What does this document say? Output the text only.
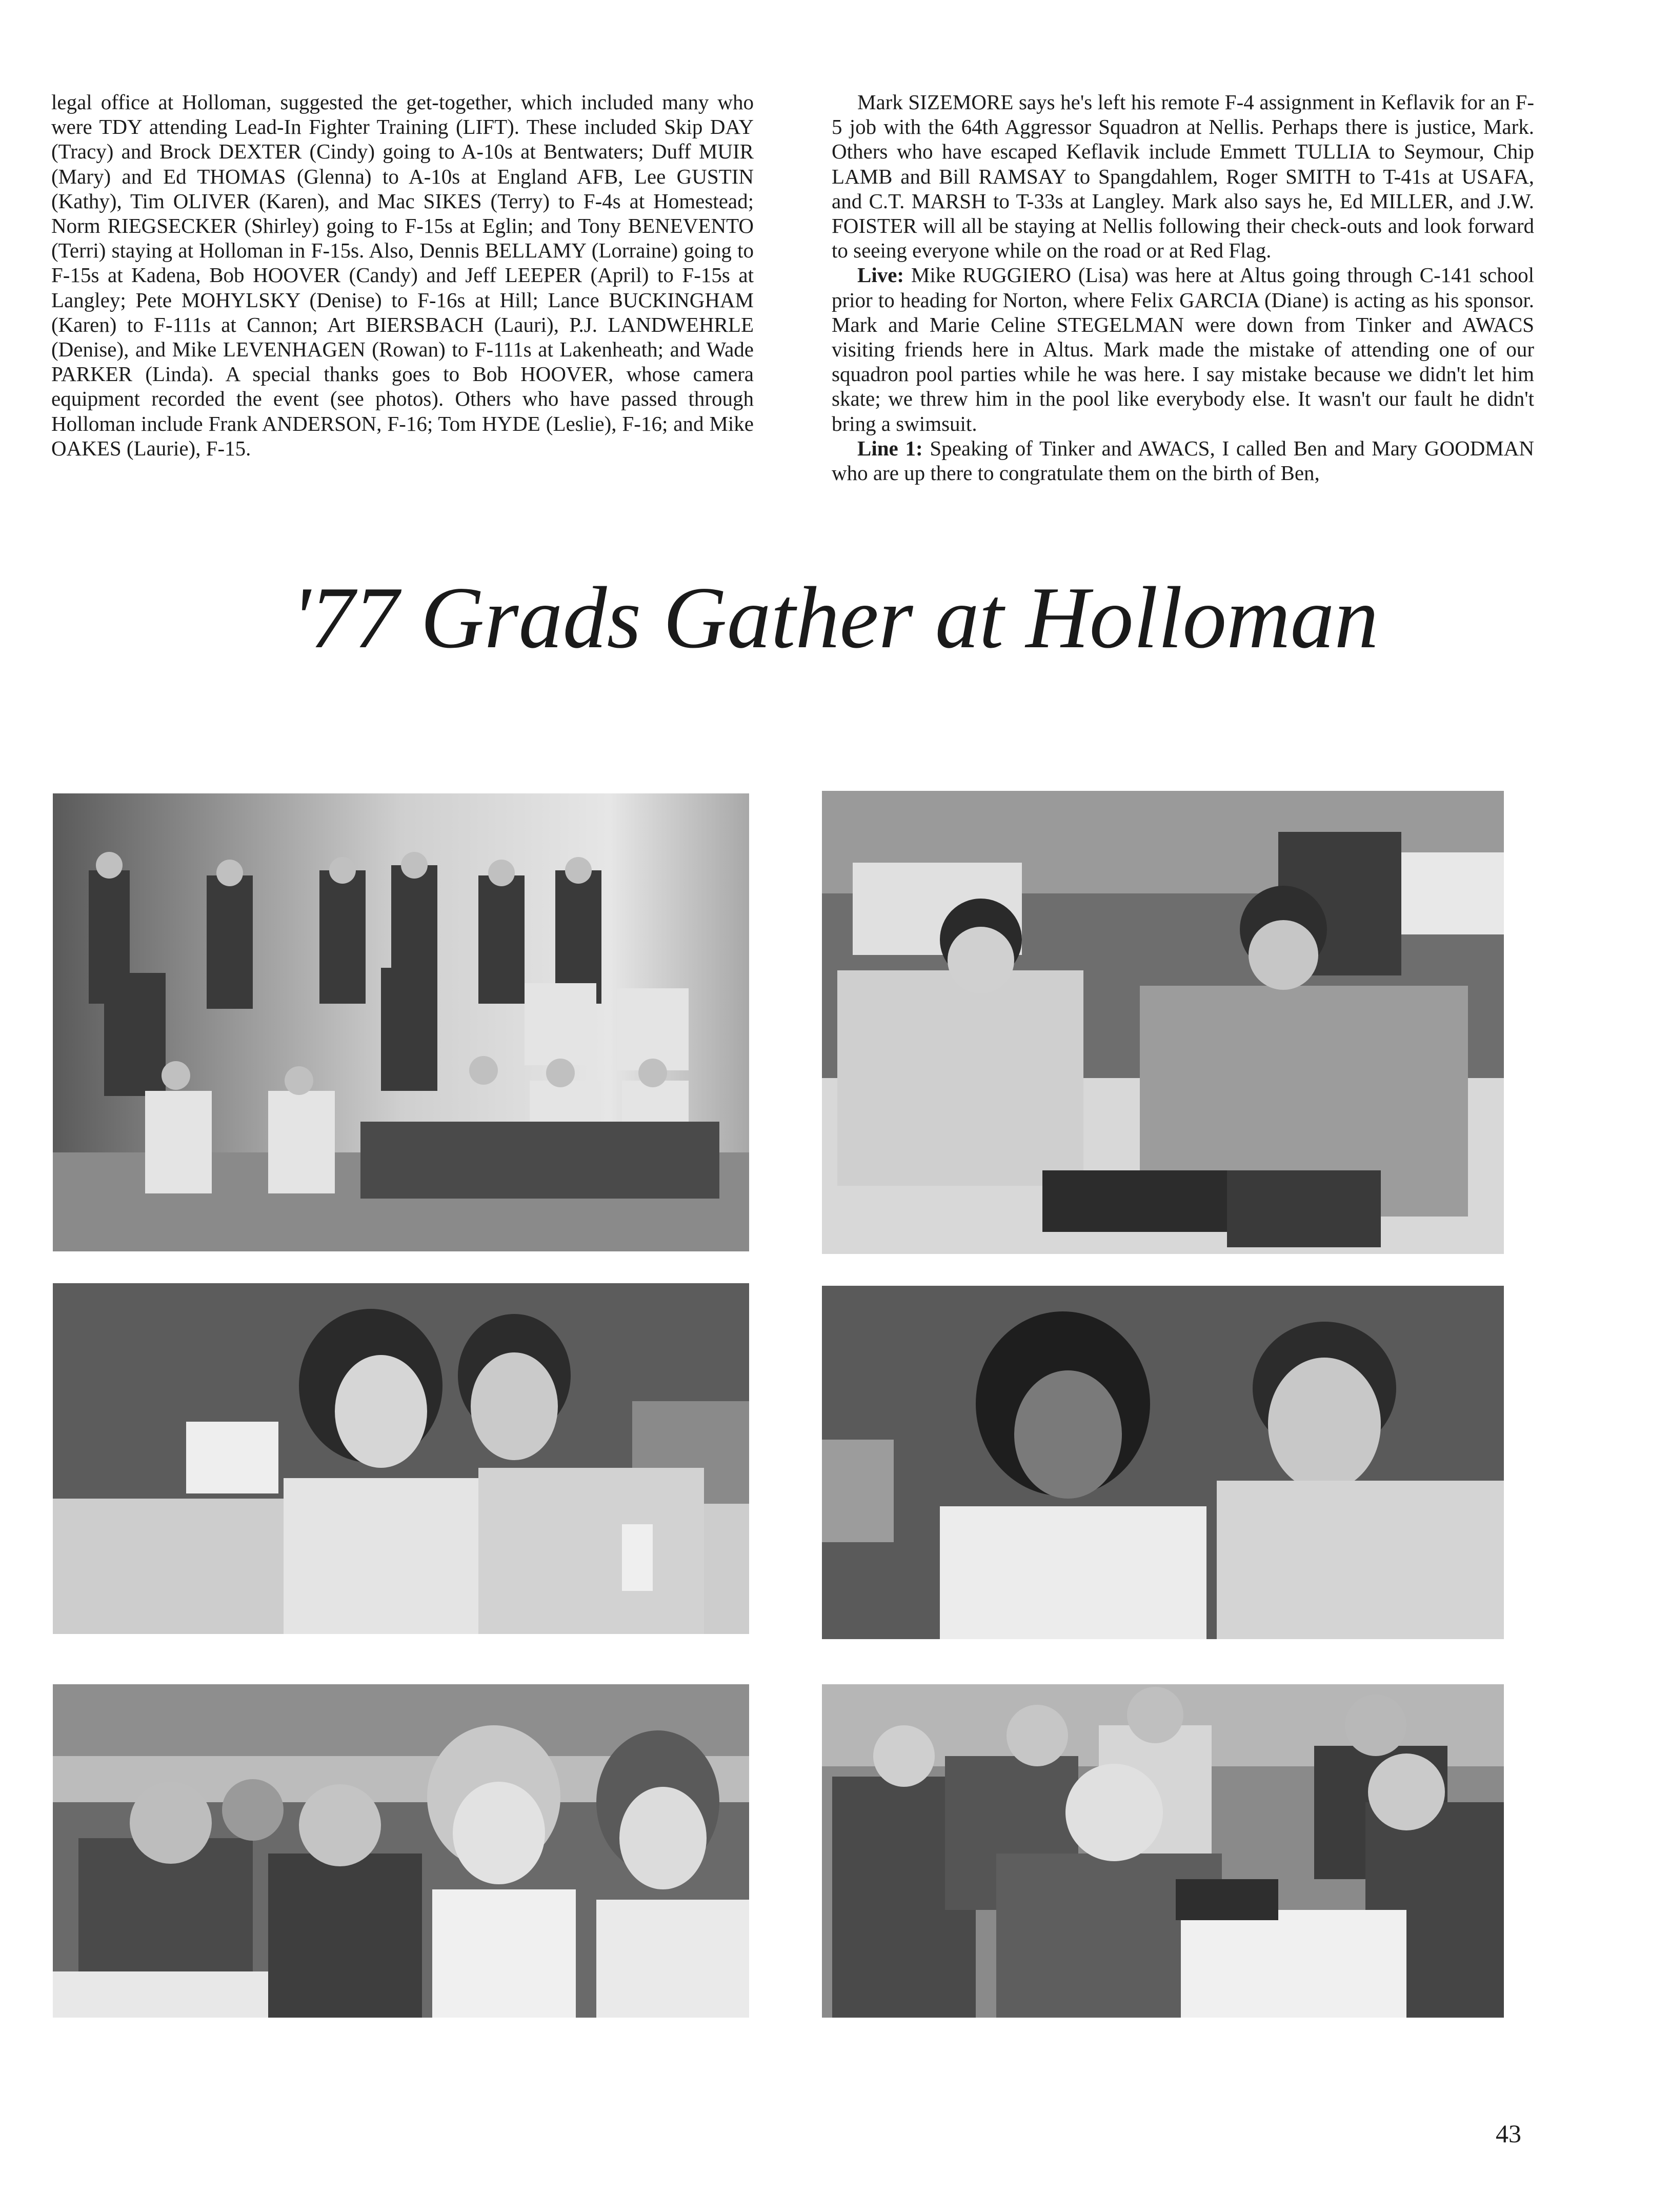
legal office at Holloman, suggested the get-together, which included many who were TDY attending Lead-In Fighter Training (LIFT). These included Skip DAY (Tracy) and Brock DEXTER (Cindy) going to A-10s at Bentwaters; Duff MUIR (Mary) and Ed THOMAS (Glenna) to A-10s at England AFB, Lee GUSTIN (Kathy), Tim OLIVER (Karen), and Mac SIKES (Terry) to F-4s at Homestead; Norm RIEGSECKER (Shirley) going to F-15s at Eglin; and Tony BENEVENTO (Terri) staying at Holloman in F-15s. Also, Dennis BELLAMY (Lorraine) going to F-15s at Kadena, Bob HOOVER (Candy) and Jeff LEEPER (April) to F-15s at Langley; Pete MOHYLSKY (Denise) to F-16s at Hill; Lance BUCKINGHAM (Karen) to F-111s at Cannon; Art BIERSBACH (Lauri), P.J. LANDWEHRLE (Denise), and Mike LEVENHAGEN (Rowan) to F-111s at Lakenheath; and Wade PARKER (Linda). A special thanks goes to Bob HOOVER, whose camera equipment recorded the event (see photos). Others who have passed through Holloman include Frank ANDERSON, F-16; Tom HYDE (Leslie), F-16; and Mike OAKES (Laurie), F-15.

Mark SIZEMORE says he's left his remote F-4 assignment in Keflavik for an F-5 job with the 64th Aggressor Squadron at Nellis. Perhaps there is justice, Mark. Others who have escaped Keflavik include Emmett TULLIA to Seymour, Chip LAMB and Bill RAMSAY to Spangdahlem, Roger SMITH to T-41s at USAFA, and C.T. MARSH to T-33s at Langley. Mark also says he, Ed MILLER, and J.W. FOISTER will all be staying at Nellis following their check-outs and look forward to seeing everyone while on the road or at Red Flag.

Live: Mike RUGGIERO (Lisa) was here at Altus going through C-141 school prior to heading for Norton, where Felix GARCIA (Diane) is acting as his sponsor. Mark and Marie Celine STEGELMAN were down from Tinker and AWACS visiting friends here in Altus. Mark made the mistake of attending one of our squadron pool parties while he was here. I say mistake because we didn't let him skate; we threw him in the pool like everybody else. It wasn't our fault he didn't bring a swimsuit.

Line 1: Speaking of Tinker and AWACS, I called Ben and Mary GOODMAN who are up there to congratulate them on the birth of Ben,

'77 Grads Gather at Holloman
43
